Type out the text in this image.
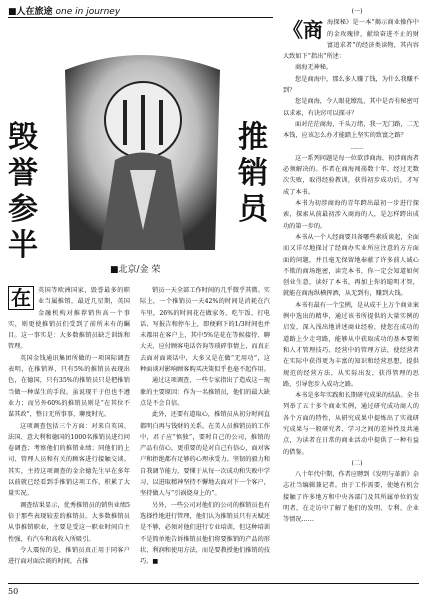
■人在旅途 one in journey
毁
誉
参
半
推
销
员
■北京/金 荣

在	英国等欧洲国家，毁誉最多的职业当属推销，最近几星期，英国金融机构对推荐销售高一个事实，则更使推销员们受到了前所未有的瞩目。这一事实是：大多数推销员缺乏训练和管理。

英国金钱通讯集团所做的一项国际调查表明，在推销界，只有5%的推销员表现出色，在德国，只有35%的推销员只是把推销当做一种谋生的手段。虽说现干于但也不遵业力；而另外60%的推销员则是“在其位不谋其政”，整日无所事事，聊度时光。

这项调查包括三个方面：对来自英国、法国、意大利和德国的1000名推销员进行问卷调查；考察他们的推销业绩；同他们的上司、管理人员和有关的顾客进行接触交谈。其实，主持这项调查的金余德先生早在多年以前就已经看到手推销这项工作，积累了大量实况。

调查结果显示，优秀推销员的销售业绩5倍于那些表现较差的推销员。大多数推销员从事推销职业，主要是受这一职业时间自主性强、有汽车和高收入所吸引。

令人震惊的是，推销员真正用于同客户进行面对面洽谈的时间，占推

销员一天全部工作时间的几乎微乎其微。实际上，一个推销员一天42%的时间是消耗在汽车里，26%的时间花在做家务、吃午饭、打电话、写报告和停车上，即便剩下的1/3时间也并未都用在客户上，其中5%是花在等候接待、聊大天、应付顾客电话咨询等琐碎事情上，而真正去面对面谈话中，大多又是在做“无用功”，这种面谈对影响顾客购买决策似乎也毫不起作用。

通过这项调查，一些专家指出了造成这一现象的主要原因：作为一名推销员，他们的最大缺点是不会自信。

此外，还要有道取心，推销员从初分时间直都明白再与钱财的关系。在美人员推销员的工作中，君子应“慎独”，要时自己的公司，推销的产品有信心，更重要的是对自己有信心，面对客户和拒绝都有足够的心理承受力。坚韧的毅力和自我调节能力，要懂于从每一次成功和失败中学习，以进取精神坚持不懈地去面对下一个客户，坚持做人与“引祸烧身上的”。

另外，一些公司对他们的公司的推销员也有选择性地进行管理，他们认为推销员只有天赋还是不够，必须对他们进行专业培训，但这种培训不是简单地告诉推销员他们将要推销的产品的形状、利润和使用方法，而是要教授他们推销的技巧。■

(一)

《商海探秘》是一本“揭示商业操作中的金玫瑰律，献给奋进不止的财富追求者”的经济类读物，其内容大致如下“指出”所述：

商海无神秘。

您是商海中，那么多人赚了钱，为什么我赚不到？

您是商海，令人眼花缭乱，其中是否有秘密可以求索，有诀窍可以探寻？

面对茫茫商海，千头万绪，我一无门路，二无本钱，应该怎么办才能踏上坚实的致富之路？

……

这一系列问题是每一位欲涉商海、初涉商海者必须解决的。作者在商海闯荡数十年，经过无数次失败，取得经验教训，获得初步成功后，才写成了本书。

本书为初涉商海的青年跨出最初一步进行探索，探索从前最初涉入商海的人，是怎样跨出成功的第一步的。

本书从一个人经商要具备哪些素质谈起，全面而又详尽地探讨了经商办实业所应注意的方方面面的问题，并且毫无保留地奉献了许多前人诚心不欺的商场绝密，读完本书，你一定会知道如何创业生意，读好了本书，再加上你的聪明才智，就能在商海纵横挥洒，从无到有，赚到大钱。

本书有最有一个宝例，是从成千上万个商业案例中选出的精华，通过该书所提供的大量实例的启发，深入浅出地讲述商业经验，使您在成功的道路上少走弯路，能够从中获取成功的基本要领和人才管理技巧、经营中的管理方法，使经营者在实际中获得更为丰富的知识和经营思想，提供规范的经营方法，从实际出发，获得管理的思路，引导您步入成功之路。

本书是多年实践和长期研究成果的结晶。全书列举了五十多个商业实例，通过研究成功商人的各个方面的特性，从研究成果中提炼出了实战研究成果与一般研究者、学习之间的差异性及共通点，为读者在日常的商业活动中提供了一种有益的借鉴。

(二)

八十年代中期，作者应聘到《发明与革新》杂志社当编辑兼记者。由于工作需要，使她有机会接触了许多地方和中央各部门及其所属单位的发明者，在走访中了解了他们的发明、专利、企业等情况……

50
